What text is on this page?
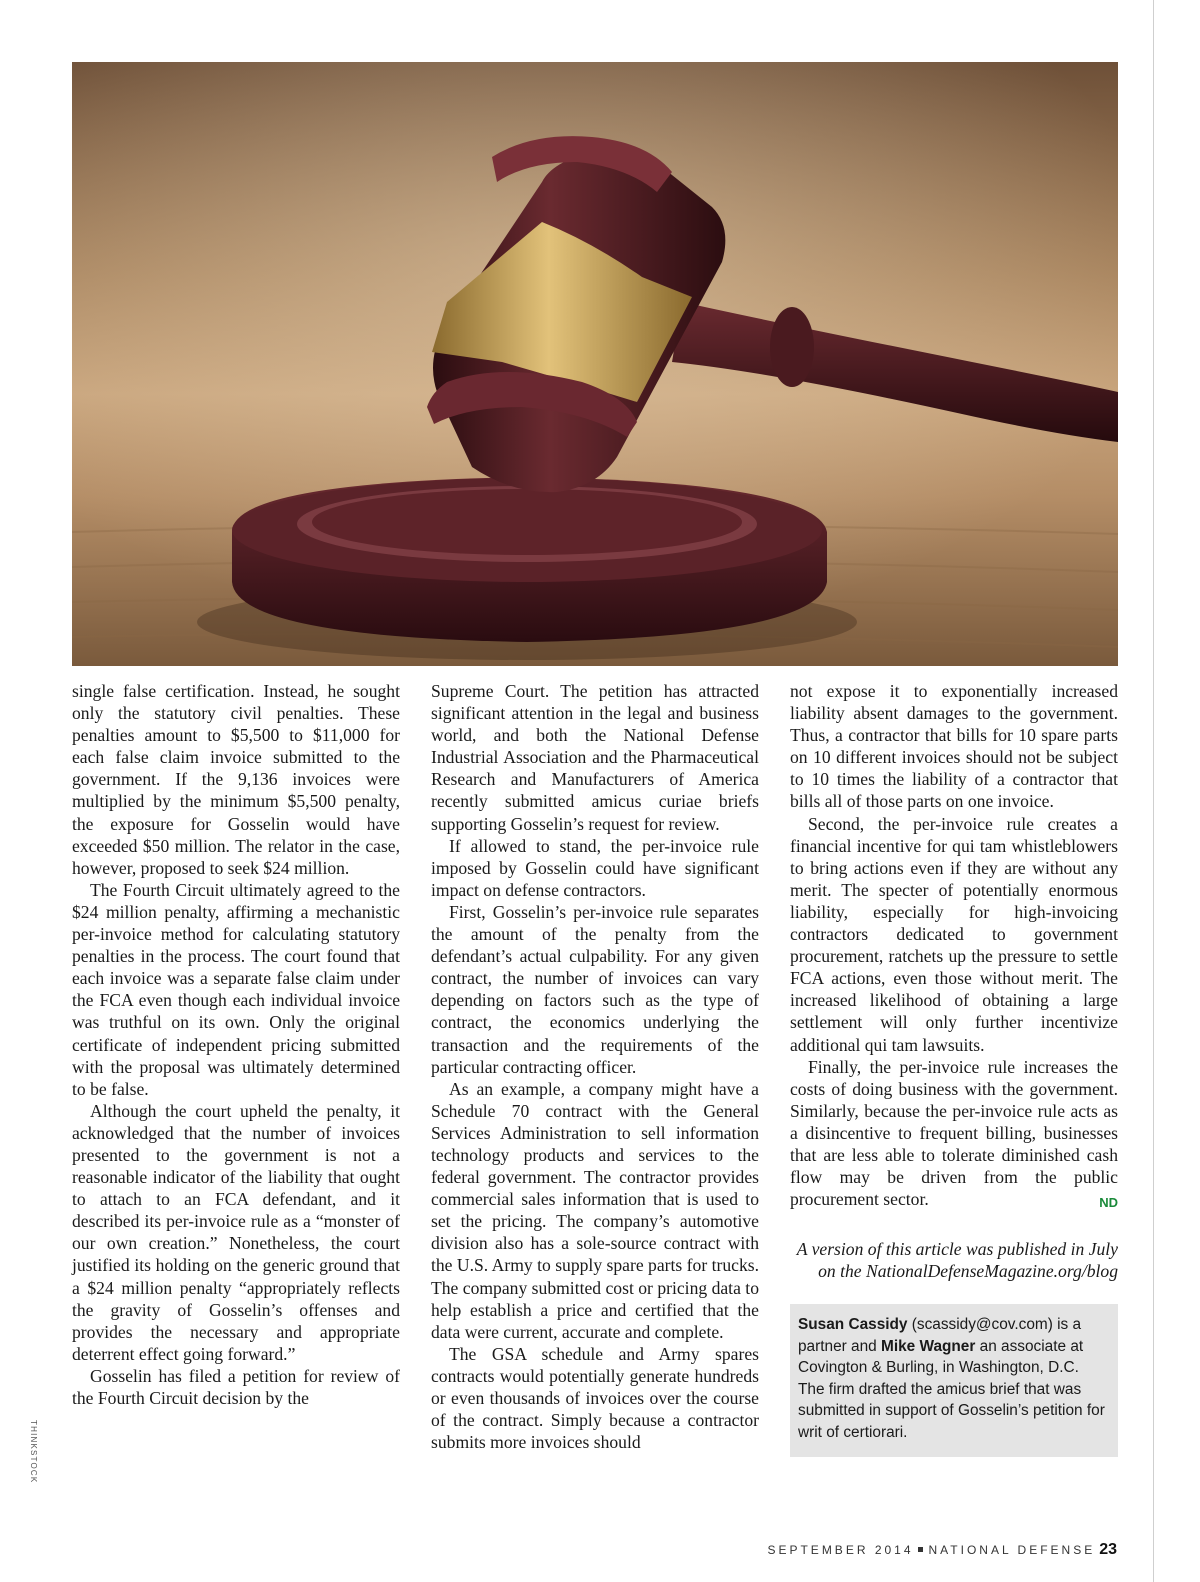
single false certification. Instead, he sought only the statutory civil penalties. These penalties amount to $5,500 to $11,000 for each false claim invoice submitted to the government. If the 9,136 invoices were multiplied by the minimum $5,500 penalty, the exposure for Gosselin would have exceeded $50 million. The relator in the case, however, proposed to seek $24 million.

The Fourth Circuit ultimately agreed to the $24 million penalty, affirming a mechanistic per-invoice method for calculating statutory penalties in the process. The court found that each invoice was a separate false claim under the FCA even though each individual invoice was truthful on its own. Only the original certificate of independent pricing submitted with the proposal was ultimately determined to be false.

Although the court upheld the penalty, it acknowledged that the number of invoices presented to the government is not a reasonable indicator of the liability that ought to attach to an FCA defendant, and it described its per-invoice rule as a “monster of our own creation.” Nonetheless, the court justified its holding on the generic ground that a $24 million penalty “appropriately reflects the gravity of Gosselin’s offenses and provides the necessary and appropriate deterrent effect going forward.”

Gosselin has filed a petition for review of the Fourth Circuit decision by the

Supreme Court. The petition has attracted significant attention in the legal and business world, and both the National Defense Industrial Association and the Pharmaceutical Research and Manufacturers of America recently submitted amicus curiae briefs supporting Gosselin’s request for review.

If allowed to stand, the per-invoice rule imposed by Gosselin could have significant impact on defense contractors.

First, Gosselin’s per-invoice rule separates the amount of the penalty from the defendant’s actual culpability. For any given contract, the number of invoices can vary depending on factors such as the type of contract, the economics underlying the transaction and the requirements of the particular contracting officer.

As an example, a company might have a Schedule 70 contract with the General Services Administration to sell information technology products and services to the federal government. The contractor provides commercial sales information that is used to set the pricing. The company’s automotive division also has a sole-source contract with the U.S. Army to supply spare parts for trucks. The company submitted cost or pricing data to help establish a price and certified that the data were current, accurate and complete.

The GSA schedule and Army spares contracts would potentially generate hundreds or even thousands of invoices over the course of the contract. Simply because a contractor submits more invoices should

not expose it to exponentially increased liability absent damages to the government. Thus, a contractor that bills for 10 spare parts on 10 different invoices should not be subject to 10 times the liability of a contractor that bills all of those parts on one invoice.

Second, the per-invoice rule creates a financial incentive for qui tam whistleblowers to bring actions even if they are without any merit. The specter of potentially enormous liability, especially for high-invoicing contractors dedicated to government procurement, ratchets up the pressure to settle FCA actions, even those without merit. The increased likelihood of obtaining a large settlement will only further incentivize additional qui tam lawsuits.

Finally, the per-invoice rule increases the costs of doing business with the government. Similarly, because the per-invoice rule acts as a disincentive to frequent billing, businesses that are less able to tolerate diminished cash flow may be driven from the public procurement sector.	ND

A version of this article was published in July on the NationalDefenseMagazine.org/blog
Susan Cassidy (scassidy@cov.com) is a partner and Mike Wagner an associate at Covington & Burling, in Washington, D.C. The firm drafted the amicus brief that was submitted in support of Gosselin’s petition for writ of certiorari.
THINKSTOCK
SEPTEMBER 2014 NATIONAL DEFENSE 23
